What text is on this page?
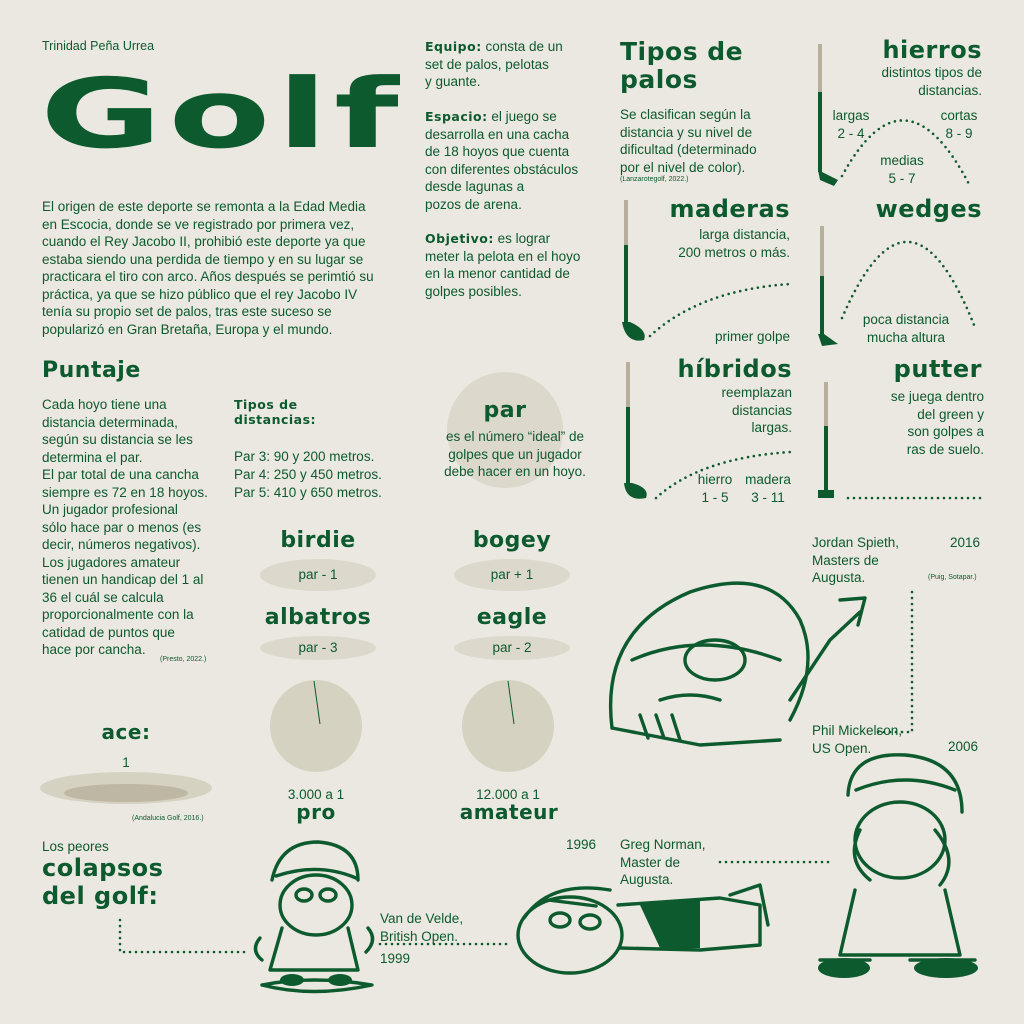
Trinidad Peña Urrea
Golf
El origen de este deporte se remonta a la Edad Media
en Escocia, donde se ve registrado por primera vez,
cuando el Rey Jacobo II, prohibió este deporte ya que
estaba siendo una perdida de tiempo y en su lugar se
practicara el tiro con arco. Años después se perimtió su
práctica, ya que se hizo público que el rey Jacobo IV
tenía su propio set de palos, tras este suceso se
popularizó en Gran Bretaña, Europa y el mundo.
Equipo: consta de un
set de palos, pelotas
y guante.
Espacio: el juego se
desarrolla en una cacha
de 18 hoyos que cuenta
con diferentes obstáculos
desde lagunas a
pozos de arena.
Objetivo: es lograr
meter la pelota en el hoyo
en la menor cantidad de
golpes posibles.
Tipos de
palos
Se clasifican según la
distancia y su nivel de
dificultad (determinado
por el nivel de color).
(Lanzarotegolf, 2022.)
hierros
distintos tipos de
distancias.
largas
2 - 4
cortas
8 - 9
medias
5 - 7
maderas
larga distancia,
200 metros o más.
primer golpe
wedges
poca distancia
mucha altura
híbridos
reemplazan
distancias
largas.
hierro
1 - 5
madera
3 - 11
putter
se juega dentro
del green y
son golpes a
ras de suelo.
Puntaje
Cada hoyo tiene una
distancia determinada,
según su distancia se les
determina el par.
El par total de una cancha
siempre es 72 en 18 hoyos.
Un jugador profesional
sólo hace par o menos (es
decir, números negativos).
Los jugadores amateur
tienen un handicap del 1 al
36 el cuál se calcula
proporcionalmente con la
catidad de puntos que
hace por cancha.
(Presto, 2022.)
Tipos de
distancias:
Par 3: 90 y 200 metros.
Par 4: 250 y 450 metros.
Par 5: 410 y 650 metros.
par
es el número “ideal” de
golpes que un jugador
debe hacer en un hoyo.
birdie
par - 1
bogey
par + 1
albatros
par - 3
eagle
par - 2
ace:
1
(Andalucia Golf, 2016.)
3.000 a 1
pro
12.000 a 1
amateur
Los peores
colapsos
del golf:
Jordan Spieth,
Masters de
Augusta.
2016
(Puig, Sotapar.)
Phil Mickelson,
US Open.	2006
Greg Norman,
Master de
Augusta.
1996
Van de Velde,
British Open.
1999
